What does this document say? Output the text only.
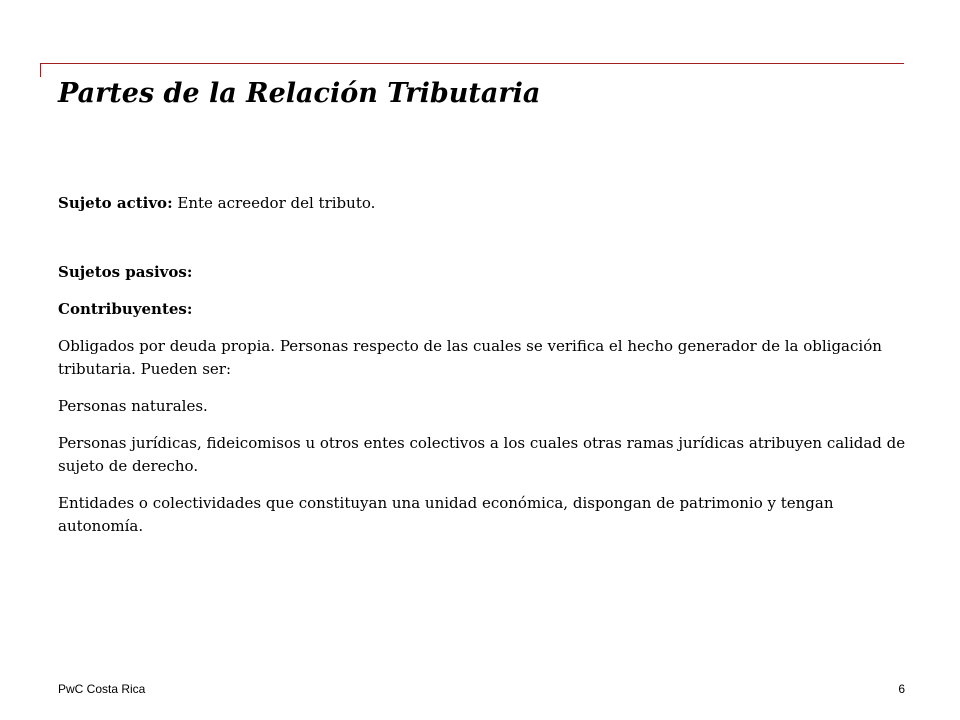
Partes de la Relación Tributaria

Sujeto activo: Ente acreedor del tributo.

Sujetos pasivos:

Contribuyentes:

Obligados por deuda propia. Personas respecto de las cuales se verifica el hecho generador de la obligación tributaria. Pueden ser:

Personas naturales.

Personas jurídicas, fideicomisos u otros entes colectivos a los cuales otras ramas jurídicas atribuyen calidad de sujeto de derecho.

Entidades o colectividades que constituyan una unidad económica, dispongan de patrimonio y tengan autonomía.

PwC Costa Rica	6
